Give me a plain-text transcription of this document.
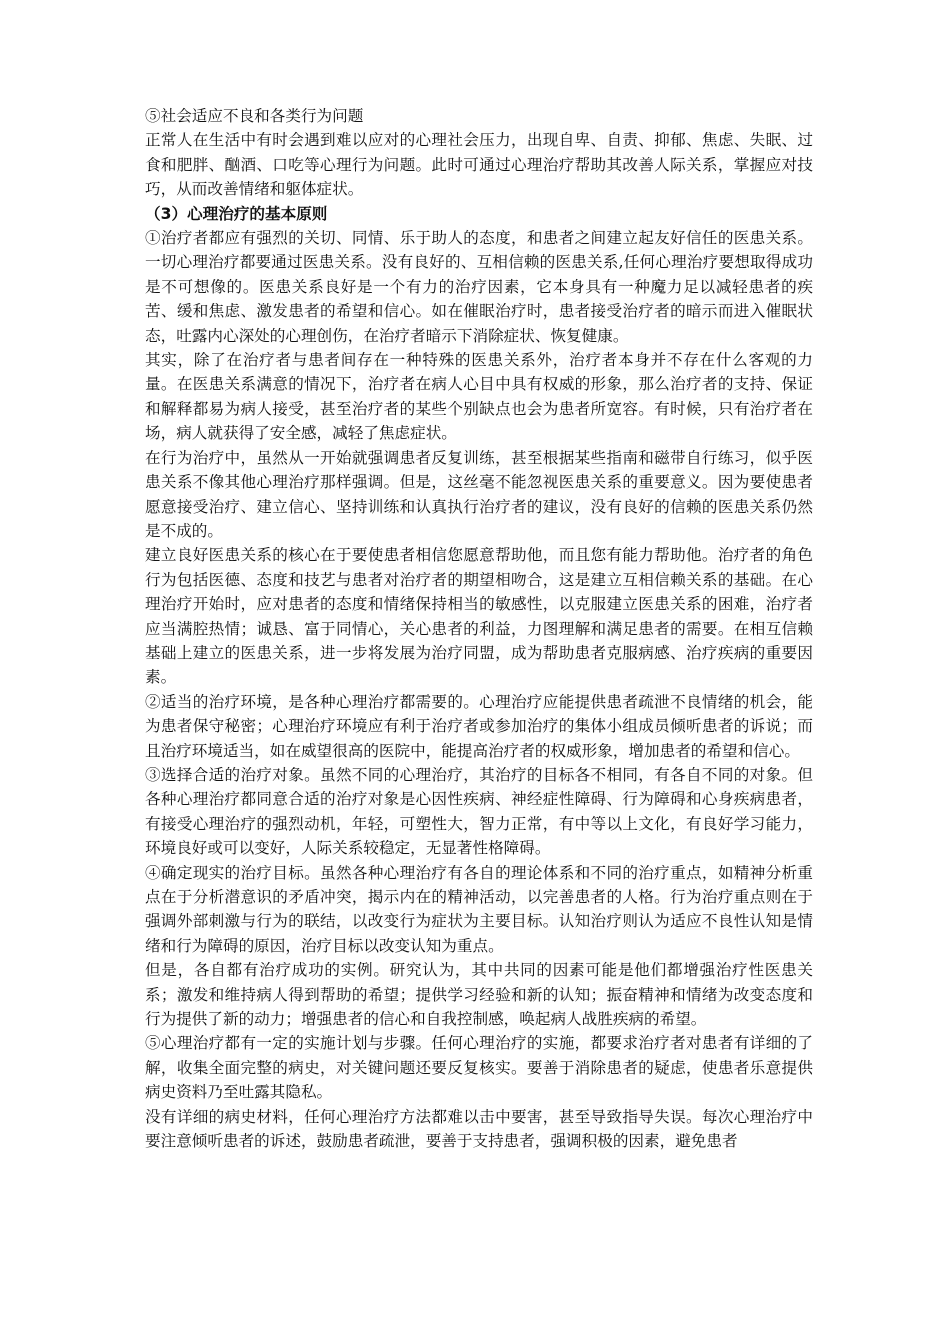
⑤社会适应不良和各类行为问题

正常人在生活中有时会遇到难以应对的心理社会压力，出现自卑、自责、抑郁、焦虑、失眠、过食和肥胖、酗酒、口吃等心理行为问题。此时可通过心理治疗帮助其改善人际关系，掌握应对技巧，从而改善情绪和躯体症状。

（3）心理治疗的基本原则

①治疗者都应有强烈的关切、同情、乐于助人的态度，和患者之间建立起友好信任的医患关系。一切心理治疗都要通过医患关系。没有良好的、互相信赖的医患关系,任何心理治疗要想取得成功是不可想像的。医患关系良好是一个有力的治疗因素，它本身具有一种魔力足以减轻患者的疾苦、缓和焦虑、激发患者的希望和信心。如在催眠治疗时，患者接受治疗者的暗示而进入催眠状态，吐露内心深处的心理创伤，在治疗者暗示下消除症状、恢复健康。

其实，除了在治疗者与患者间存在一种特殊的医患关系外，治疗者本身并不存在什么客观的力量。在医患关系满意的情况下，治疗者在病人心目中具有权威的形象，那么治疗者的支持、保证和解释都易为病人接受，甚至治疗者的某些个别缺点也会为患者所宽容。有时候，只有治疗者在场，病人就获得了安全感，减轻了焦虑症状。

在行为治疗中，虽然从一开始就强调患者反复训练，甚至根据某些指南和磁带自行练习，似乎医患关系不像其他心理治疗那样强调。但是，这丝毫不能忽视医患关系的重要意义。因为要使患者愿意接受治疗、建立信心、坚持训练和认真执行治疗者的建议，没有良好的信赖的医患关系仍然是不成的。

建立良好医患关系的核心在于要使患者相信您愿意帮助他，而且您有能力帮助他。治疗者的角色行为包括医德、态度和技艺与患者对治疗者的期望相吻合，这是建立互相信赖关系的基础。在心理治疗开始时，应对患者的态度和情绪保持相当的敏感性，以克服建立医患关系的困难，治疗者应当满腔热情；诚恳、富于同情心，关心患者的利益，力图理解和满足患者的需要。在相互信赖基础上建立的医患关系，进一步将发展为治疗同盟，成为帮助患者克服病感、治疗疾病的重要因素。

②适当的治疗环境，是各种心理治疗都需要的。心理治疗应能提供患者疏泄不良情绪的机会，能为患者保守秘密；心理治疗环境应有利于治疗者或参加治疗的集体小组成员倾听患者的诉说；而且治疗环境适当，如在威望很高的医院中，能提高治疗者的权威形象，增加患者的希望和信心。

③选择合适的治疗对象。虽然不同的心理治疗，其治疗的目标各不相同，有各自不同的对象。但各种心理治疗都同意合适的治疗对象是心因性疾病、神经症性障碍、行为障碍和心身疾病患者，有接受心理治疗的强烈动机，年轻，可塑性大，智力正常，有中等以上文化，有良好学习能力，环境良好或可以变好，人际关系较稳定，无显著性格障碍。

④确定现实的治疗目标。虽然各种心理治疗有各自的理论体系和不同的治疗重点，如精神分析重点在于分析潜意识的矛盾冲突，揭示内在的精神活动，以完善患者的人格。行为治疗重点则在于强调外部刺激与行为的联结，以改变行为症状为主要目标。认知治疗则认为适应不良性认知是情绪和行为障碍的原因，治疗目标以改变认知为重点。

但是，各自都有治疗成功的实例。研究认为，其中共同的因素可能是他们都增强治疗性医患关系；激发和维持病人得到帮助的希望；提供学习经验和新的认知；振奋精神和情绪为改变态度和行为提供了新的动力；增强患者的信心和自我控制感，唤起病人战胜疾病的希望。

⑤心理治疗都有一定的实施计划与步骤。任何心理治疗的实施，都要求治疗者对患者有详细的了解，收集全面完整的病史，对关键问题还要反复核实。要善于消除患者的疑虑，使患者乐意提供病史资料乃至吐露其隐私。

没有详细的病史材料，任何心理治疗方法都难以击中要害，甚至导致指导失误。每次心理治疗中要注意倾听患者的诉述，鼓励患者疏泄，要善于支持患者，强调积极的因素，避免患者
